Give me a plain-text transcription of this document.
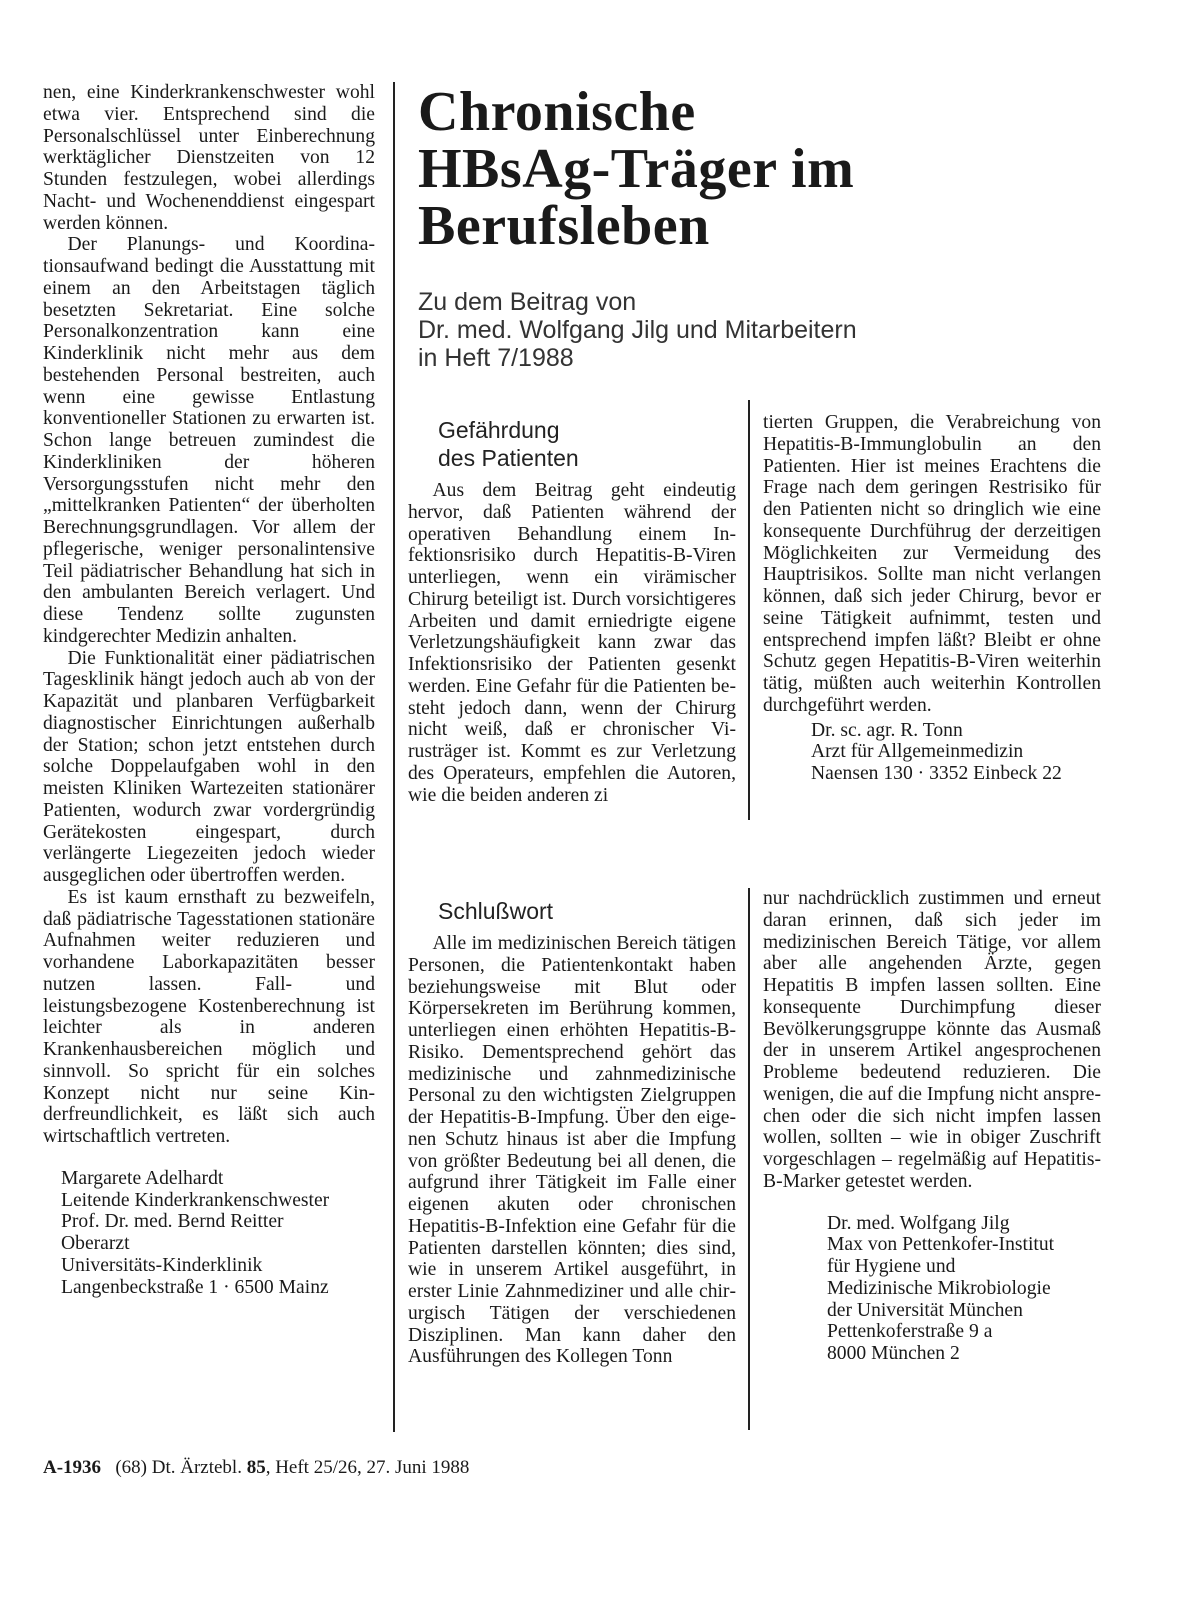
nen, eine Kinderkrankenschwester wohl etwa vier. Entsprechend sind die Personalschlüssel unter Einberechnung werktäglicher Dienstzeiten von 12 Stunden festzulegen, wobei allerdings Nacht- und Wochenenddienst eingespart werden können.

Der Planungs- und Koordinationsaufwand bedingt die Ausstattung mit einem an den Arbeitstagen täglich besetzten Sekretariat. Eine solche Personalkonzentration kann eine Kinderklinik nicht mehr aus dem bestehenden Personal bestreiten, auch wenn eine gewisse Entlastung konventioneller Stationen zu erwarten ist. Schon lange betreuen zumindest die Kinderkliniken der höheren Versorgungsstufen nicht mehr den „mittelkranken Patienten“ der überholten Berechnungsgrundlagen. Vor allem der pflegerische, weniger personalintensive Teil pädiatrischer Behandlung hat sich in den ambulanten Bereich verlagert. Und diese Tendenz sollte zugunsten kindgerechter Medizin anhalten.

Die Funktionalität einer pädiatrischen Tagesklinik hängt jedoch auch ab von der Kapazität und planbaren Verfügbarkeit diagnostischer Einrichtungen außerhalb der Station; schon jetzt entstehen durch solche Doppelaufgaben wohl in den meisten Kliniken Wartezeiten stationärer Patienten, wodurch zwar vordergründig Gerätekosten eingespart, durch verlängerte Liegezeiten jedoch wieder ausgeglichen oder übertroffen werden.

Es ist kaum ernsthaft zu bezweifeln, daß pädiatrische Tagesstationen stationäre Aufnahmen weiter reduzieren und vorhandene Laborkapazitäten besser nutzen lassen. Fall- und leistungsbezogene Kostenberechnung ist leichter als in anderen Krankenhausbereichen möglich und sinnvoll. So spricht für ein solches Konzept nicht nur seine Kinderfreundlichkeit, es läßt sich auch wirtschaftlich vertreten.

Margarete Adelhardt

Leitende Kinderkrankenschwester

Prof. Dr. med. Bernd Reitter

Oberarzt

Universitäts-Kinderklinik

Langenbeckstraße 1 · 6500 Mainz

Chronische
HBsAg-Träger im
Berufsleben
Zu dem Beitrag von
Dr. med. Wolfgang Jilg und Mitarbeitern
in Heft 7/1988

Gefährdung

des Patienten

Aus dem Beitrag geht eindeutig hervor, daß Patienten während der operativen Behandlung einem Infektionsrisiko durch Hepatitis-B-Viren unterliegen, wenn ein virämischer Chirurg beteiligt ist. Durch vorsichtigeres Arbeiten und damit erniedrigte eigene Verletzungshäufigkeit kann zwar das Infektionsrisiko der Patienten gesenkt werden. Eine Gefahr für die Patienten besteht jedoch dann, wenn der Chirurg nicht weiß, daß er chronischer Virusträger ist. Kommt es zur Verletzung des Operateurs, empfehlen die Autoren, wie die beiden anderen zi

tierten Gruppen, die Verabreichung von Hepatitis-B-Immunglobulin an den Patienten. Hier ist meines Erachtens die Frage nach dem geringen Restrisiko für den Patienten nicht so dringlich wie eine konsequente Durchführug der derzeitigen Möglichkeiten zur Vermeidung des Hauptrisikos. Sollte man nicht verlangen können, daß sich jeder Chirurg, bevor er seine Tätigkeit aufnimmt, testen und entsprechend impfen läßt? Bleibt er ohne Schutz gegen Hepatitis-B-Viren weiterhin tätig, müßten auch weiterhin Kontrollen durchgeführt werden.

Dr. sc. agr. R. Tonn

Arzt für Allgemeinmedizin

Naensen 130 · 3352 Einbeck 22

Schlußwort

Alle im medizinischen Bereich tätigen Personen, die Patientenkontakt haben beziehungsweise mit Blut oder Körpersekreten im Berührung kommen, unterliegen einen erhöhten Hepatitis-B-Risiko. Dementsprechend gehört das medizinische und zahnmedizinische Personal zu den wichtigsten Zielgruppen der Hepatitis-B-Impfung. Über den eigenen Schutz hinaus ist aber die Impfung von größter Bedeutung bei all denen, die aufgrund ihrer Tätigkeit im Falle einer eigenen akuten oder chronischen Hepatitis-B-Infektion eine Gefahr für die Patienten darstellen könnten; dies sind, wie in unserem Artikel ausgeführt, in erster Linie Zahnmediziner und alle chirurgisch Tätigen der verschiedenen Disziplinen. Man kann daher den Ausführungen des Kollegen Tonn

nur nachdrücklich zustimmen und erneut daran erinnen, daß sich jeder im medizinischen Bereich Tätige, vor allem aber alle angehenden Ärzte, gegen Hepatitis B impfen lassen sollten. Eine konsequente Durchimpfung dieser Bevölkerungsgruppe könnte das Ausmaß der in unserem Artikel angesprochenen Probleme bedeutend reduzieren. Die wenigen, die auf die Impfung nicht ansprechen oder die sich nicht impfen lassen wollen, sollten – wie in obiger Zuschrift vorgeschlagen – regelmäßig auf Hepatitis-B-Marker getestet werden.

Dr. med. Wolfgang Jilg

Max von Pettenkofer-Institut

für Hygiene und

Medizinische Mikrobiologie

der Universität München

Pettenkoferstraße 9 a

8000 München 2

A-1936 (68) Dt. Ärztebl. 85, Heft 25/26, 27. Juni 1988
